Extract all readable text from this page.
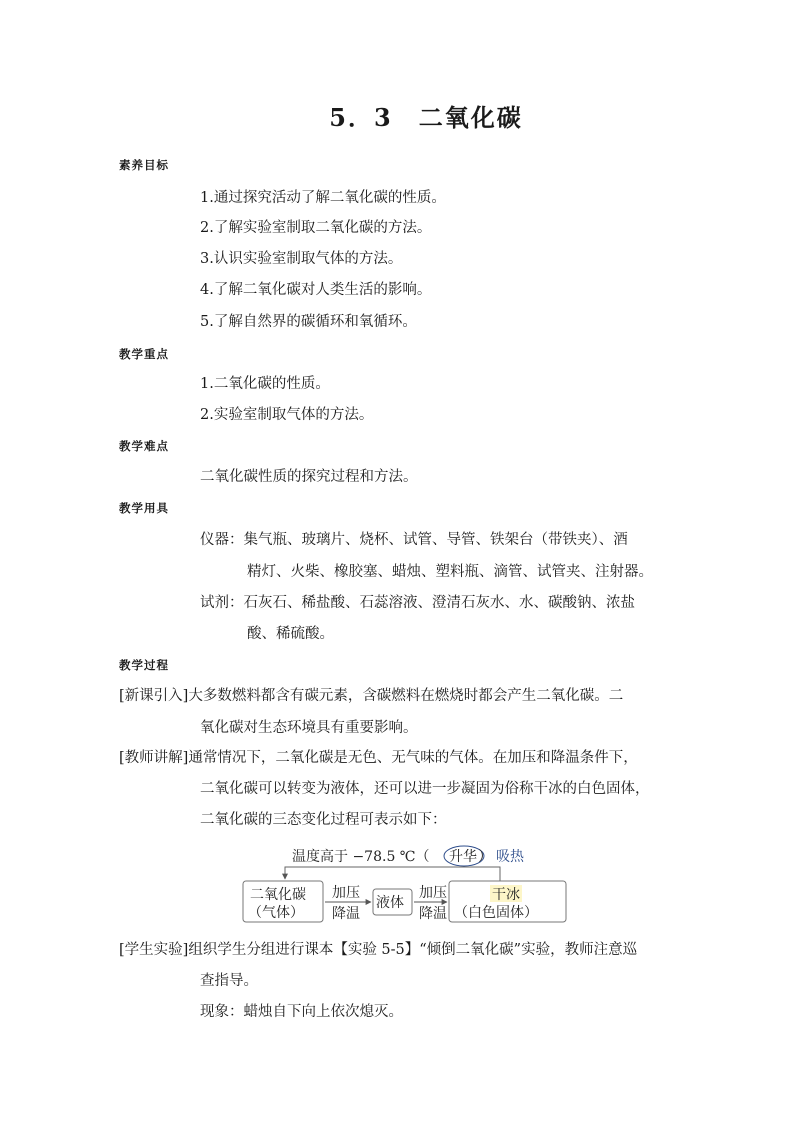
5．3　二氧化碳
素养目标
1.通过探究活动了解二氧化碳的性质。
2.了解实验室制取二氧化碳的方法。
3.认识实验室制取气体的方法。
4.了解二氧化碳对人类生活的影响。
5.了解自然界的碳循环和氧循环。
教学重点
1.二氧化碳的性质。
2.实验室制取气体的方法。
教学难点
二氧化碳性质的探究过程和方法。
教学用具
仪器：集气瓶、玻璃片、烧杯、试管、导管、铁架台（带铁夹）、酒
精灯、火柴、橡胶塞、蜡烛、塑料瓶、滴管、试管夹、注射器。
试剂：石灰石、稀盐酸、石蕊溶液、澄清石灰水、水、碳酸钠、浓盐
酸、稀硫酸。
教学过程
[新课引入]大多数燃料都含有碳元素，含碳燃料在燃烧时都会产生二氧化碳。二
氧化碳对生态环境具有重要影响。
[教师讲解]通常情况下，二氧化碳是无色、无气味的气体。在加压和降温条件下，
二氧化碳可以转变为液体，还可以进一步凝固为俗称干冰的白色固体，
二氧化碳的三态变化过程可表示如下：
温度高于 −78.5 ℃（ 升华 ） 吸热
二氧化碳
（气体）
加压
降温
液体
加压
降温
干冰
（白色固体）
[学生实验]组织学生分组进行课本【实验 5-5】“倾倒二氧化碳”实验，教师注意巡
查指导。
现象：蜡烛自下向上依次熄灭。
